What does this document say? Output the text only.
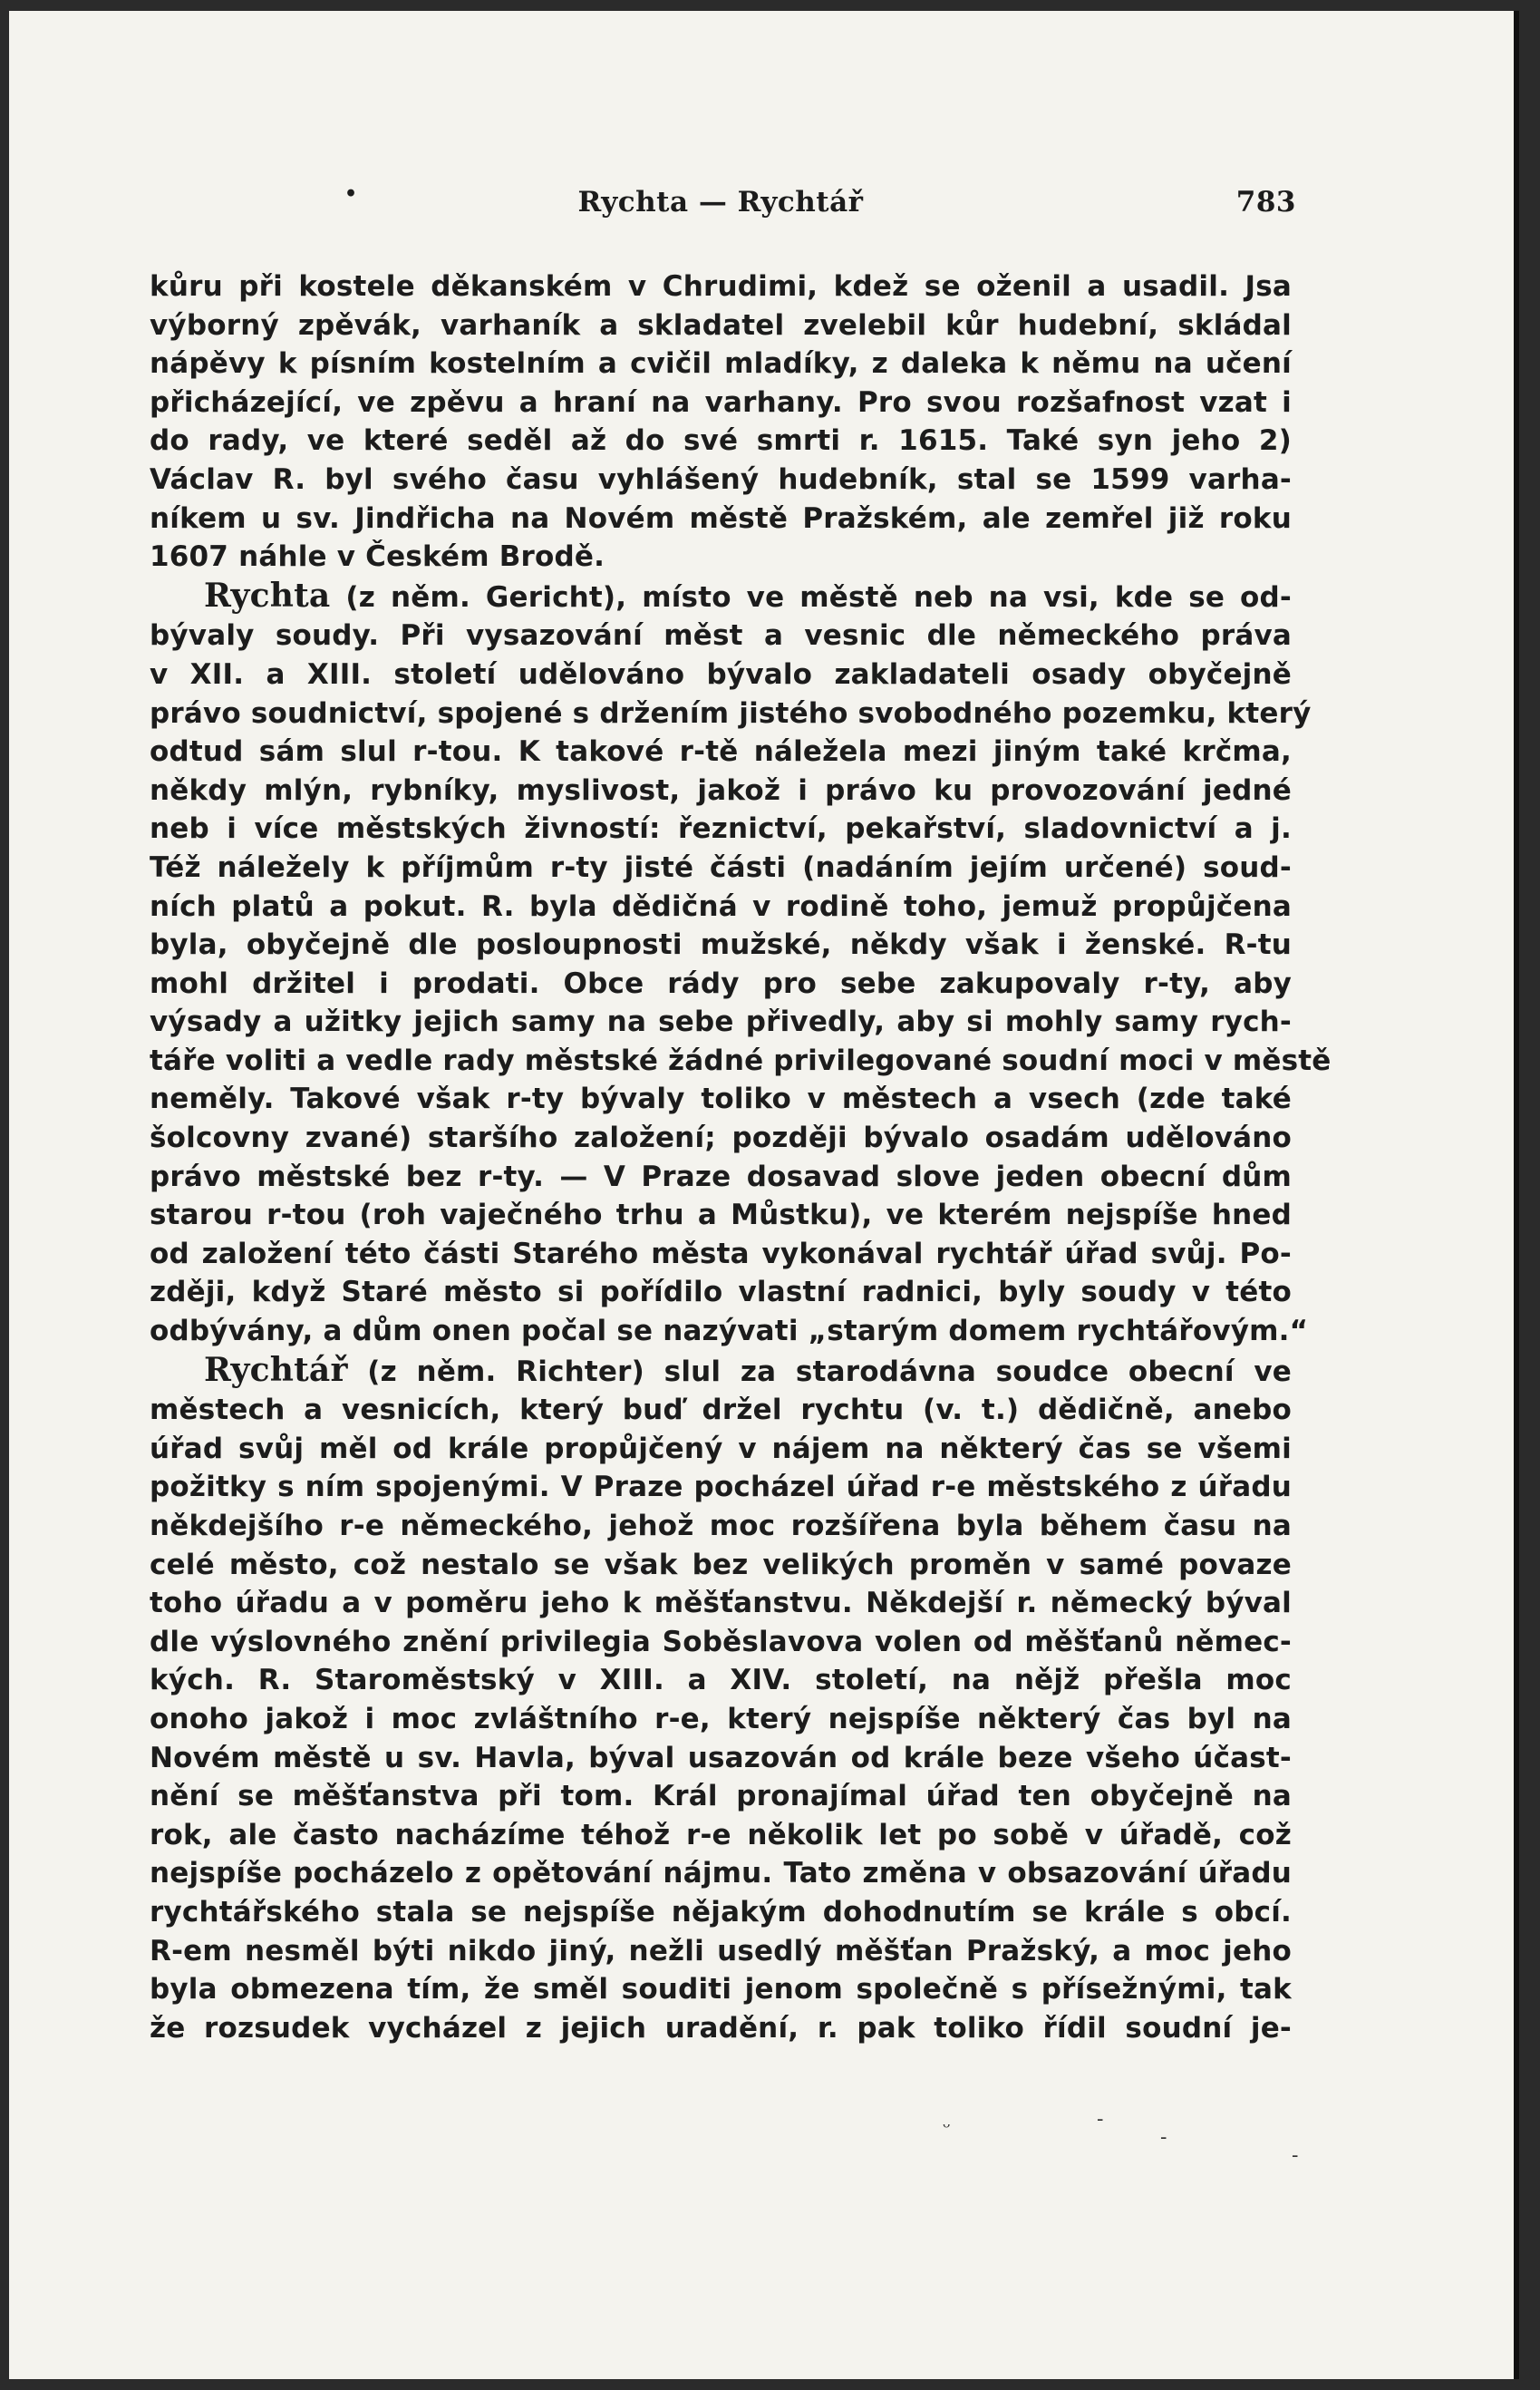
•	Rychta — Rychtář	783
kůru při kostele děkanském v Chrudimi, kdež se oženil a usadil. Jsa
výborný zpěvák, varhaník a skladatel zvelebil kůr hudební, skládal
nápěvy k písním kostelním a cvičil mladíky, z daleka k němu na učení
přicházející, ve zpěvu a hraní na varhany. Pro svou rozšafnost vzat i
do rady, ve které seděl až do své smrti r. 1615. Také syn jeho 2)
Václav R. byl svého času vyhlášený hudebník, stal se 1599 varha-
níkem u sv. Jindřicha na Novém městě Pražském, ale zemřel již roku
1607 náhle v Českém Brodě.
Rychta (z něm. Gericht), místo ve městě neb na vsi, kde se od-
bývaly soudy. Při vysazování měst a vesnic dle německého práva
v XII. a XIII. století udělováno bývalo zakladateli osady obyčejně
právo soudnictví, spojené s držením jistého svobodného pozemku, který
odtud sám slul r-tou. K takové r-tě náležela mezi jiným také krčma,
někdy mlýn, rybníky, myslivost, jakož i právo ku provozování jedné
neb i více městských živností: řeznictví, pekařství, sladovnictví a j.
Též náležely k příjmům r-ty jisté části (nadáním jejím určené) soud-
ních platů a pokut. R. byla dědičná v rodině toho, jemuž propůjčena
byla, obyčejně dle posloupnosti mužské, někdy však i ženské. R-tu
mohl držitel i prodati. Obce rády pro sebe zakupovaly r-ty, aby
výsady a užitky jejich samy na sebe přivedly, aby si mohly samy rych-
táře voliti a vedle rady městské žádné privilegované soudní moci v městě
neměly. Takové však r-ty bývaly toliko v městech a vsech (zde také
šolcovny zvané) staršího založení; později bývalo osadám udělováno
právo městské bez r-ty. — V Praze dosavad slove jeden obecní dům
starou r-tou (roh vaječného trhu a Můstku), ve kterém nejspíše hned
od založení této části Starého města vykonával rychtář úřad svůj. Po-
zději, když Staré město si pořídilo vlastní radnici, byly soudy v této
odbývány, a dům onen počal se nazývati „starým domem rychtářovým.“
Rychtář (z něm. Richter) slul za starodávna soudce obecní ve
městech a vesnicích, který buď držel rychtu (v. t.) dědičně, anebo
úřad svůj měl od krále propůjčený v nájem na některý čas se všemi
požitky s ním spojenými. V Praze pocházel úřad r-e městského z úřadu
někdejšího r-e německého, jehož moc rozšířena byla během času na
celé město, což nestalo se však bez velikých proměn v samé povaze
toho úřadu a v poměru jeho k měšťanstvu. Někdejší r. německý býval
dle výslovného znění privilegia Soběslavova volen od měšťanů němec-
kých. R. Staroměstský v XIII. a XIV. století, na nějž přešla moc
onoho jakož i moc zvláštního r-e, který nejspíše některý čas byl na
Novém městě u sv. Havla, býval usazován od krále beze všeho účast-
nění se měšťanstva při tom. Král pronajímal úřad ten obyčejně na
rok, ale často nacházíme téhož r-e několik let po sobě v úřadě, což
nejspíše pocházelo z opětování nájmu. Tato změna v obsazování úřadu
rychtářského stala se nejspíše nějakým dohodnutím se krále s obcí.
R-em nesměl býti nikdo jiný, nežli usedlý měšťan Pražský, a moc jeho
byla obmezena tím, že směl souditi jenom společně s přísežnými, tak
že rozsudek vycházel z jejich uradění, r. pak toliko řídil soudní je-
ᵕ	-
-
-
